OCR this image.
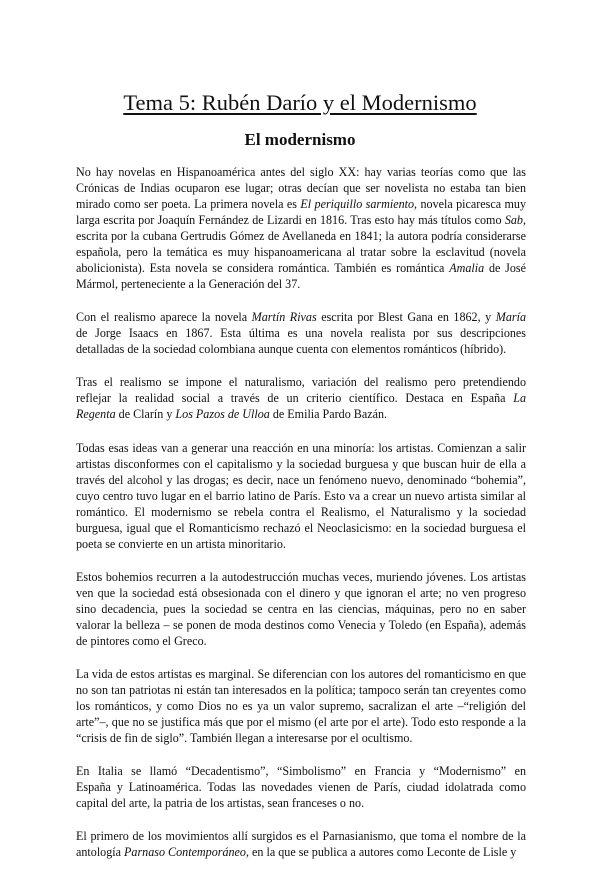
Tema 5: Rubén Darío y el Modernismo
El modernismo

No hay novelas en Hispanoamérica antes del siglo XX: hay varias teorías como que las
Crónicas de Indias ocuparon ese lugar; otras decían que ser novelista no estaba tan bien
mirado como ser poeta. La primera novela es El periquillo sarmiento, novela picaresca muy
larga escrita por Joaquín Fernández de Lizardi en 1816. Tras esto hay más títulos como Sab,
escrita por la cubana Gertrudis Gómez de Avellaneda en 1841; la autora podría considerarse
española, pero la temática es muy hispanoamericana al tratar sobre la esclavitud (novela
abolicionista). Esta novela se considera romántica. También es romántica Amalia de José
Mármol, perteneciente a la Generación del 37.

Con el realismo aparece la novela Martín Rivas escrita por Blest Gana en 1862, y María
de Jorge Isaacs en 1867. Esta última es una novela realista por sus descripciones
detalladas de la sociedad colombiana aunque cuenta con elementos románticos (híbrido).

Tras el realismo se impone el naturalismo, variación del realismo pero pretendiendo
reflejar la realidad social a través de un criterio científico. Destaca en España La
Regenta de Clarín y Los Pazos de Ulloa de Emilia Pardo Bazán.

Todas esas ideas van a generar una reacción en una minoría: los artistas. Comienzan a salir
artistas disconformes con el capitalismo y la sociedad burguesa y que buscan huir de ella a
través del alcohol y las drogas; es decir, nace un fenómeno nuevo, denominado “bohemia”,
cuyo centro tuvo lugar en el barrio latino de París. Esto va a crear un nuevo artista similar al
romántico. El modernismo se rebela contra el Realismo, el Naturalismo y la sociedad
burguesa, igual que el Romanticismo rechazó el Neoclasicismo: en la sociedad burguesa el
poeta se convierte en un artista minoritario.

Estos bohemios recurren a la autodestrucción muchas veces, muriendo jóvenes. Los artistas
ven que la sociedad está obsesionada con el dinero y que ignoran el arte; no ven progreso
sino decadencia, pues la sociedad se centra en las ciencias, máquinas, pero no en saber
valorar la belleza – se ponen de moda destinos como Venecia y Toledo (en España), además
de pintores como el Greco.

La vida de estos artistas es marginal. Se diferencian con los autores del romanticismo en que
no son tan patriotas ni están tan interesados en la política; tampoco serán tan creyentes como
los románticos, y como Dios no es ya un valor supremo, sacralizan el arte –“religión del
arte”–, que no se justifica más que por el mismo (el arte por el arte). Todo esto responde a la
“crisis de fin de siglo”. También llegan a interesarse por el ocultismo.

En Italia se llamó “Decadentismo”, “Simbolismo” en Francia y “Modernismo” en
España y Latinoamérica. Todas las novedades vienen de París, ciudad idolatrada como
capital del arte, la patria de los artistas, sean franceses o no.

El primero de los movimientos allí surgidos es el Parnasianismo, que toma el nombre de la
antología Parnaso Contemporáneo, en la que se publica a autores como Leconte de Lisle y
